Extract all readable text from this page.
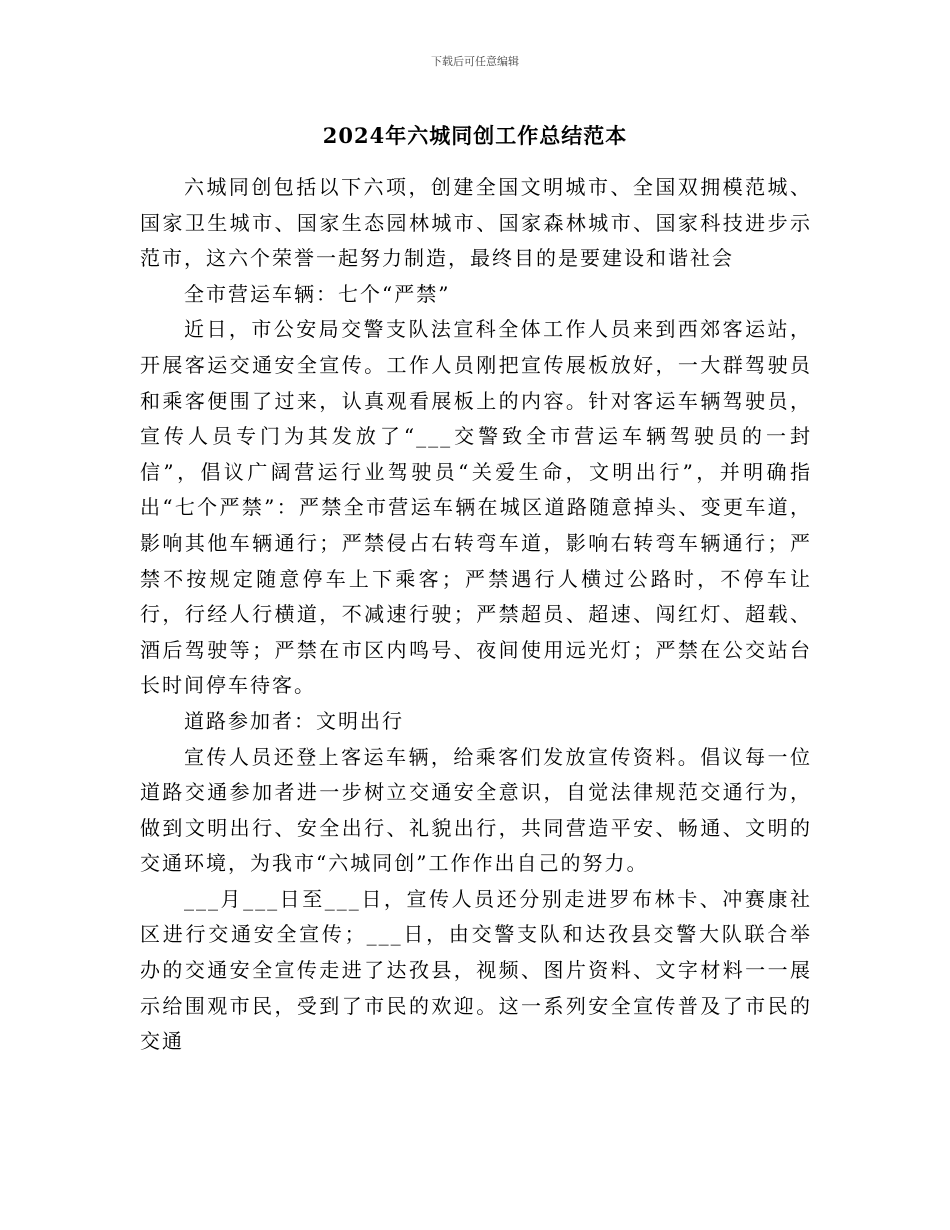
下载后可任意编辑
2024年六城同创工作总结范本

六城同创包括以下六项，创建全国文明城市、全国双拥模范城、国家卫生城市、国家生态园林城市、国家森林城市、国家科技进步示范市，这六个荣誉一起努力制造，最终目的是要建设和谐社会

全市营运车辆：七个“严禁”

近日，市公安局交警支队法宣科全体工作人员来到西郊客运站，开展客运交通安全宣传。工作人员刚把宣传展板放好，一大群驾驶员和乘客便围了过来，认真观看展板上的内容。针对客运车辆驾驶员，宣传人员专门为其发放了“___交警致全市营运车辆驾驶员的一封信”，倡议广阔营运行业驾驶员“关爱生命，文明出行”，并明确指出“七个严禁”：严禁全市营运车辆在城区道路随意掉头、变更车道，影响其他车辆通行；严禁侵占右转弯车道，影响右转弯车辆通行；严禁不按规定随意停车上下乘客；严禁遇行人横过公路时，不停车让行，行经人行横道，不减速行驶；严禁超员、超速、闯红灯、超载、酒后驾驶等；严禁在市区内鸣号、夜间使用远光灯；严禁在公交站台长时间停车待客。

道路参加者：文明出行

宣传人员还登上客运车辆，给乘客们发放宣传资料。倡议每一位道路交通参加者进一步树立交通安全意识，自觉法律规范交通行为，做到文明出行、安全出行、礼貌出行，共同营造平安、畅通、文明的交通环境，为我市“六城同创”工作作出自己的努力。

___月___日至___日，宣传人员还分别走进罗布林卡、冲赛康社区进行交通安全宣传；___日，由交警支队和达孜县交警大队联合举办的交通安全宣传走进了达孜县，视频、图片资料、文字材料一一展示给围观市民，受到了市民的欢迎。这一系列安全宣传普及了市民的交通
